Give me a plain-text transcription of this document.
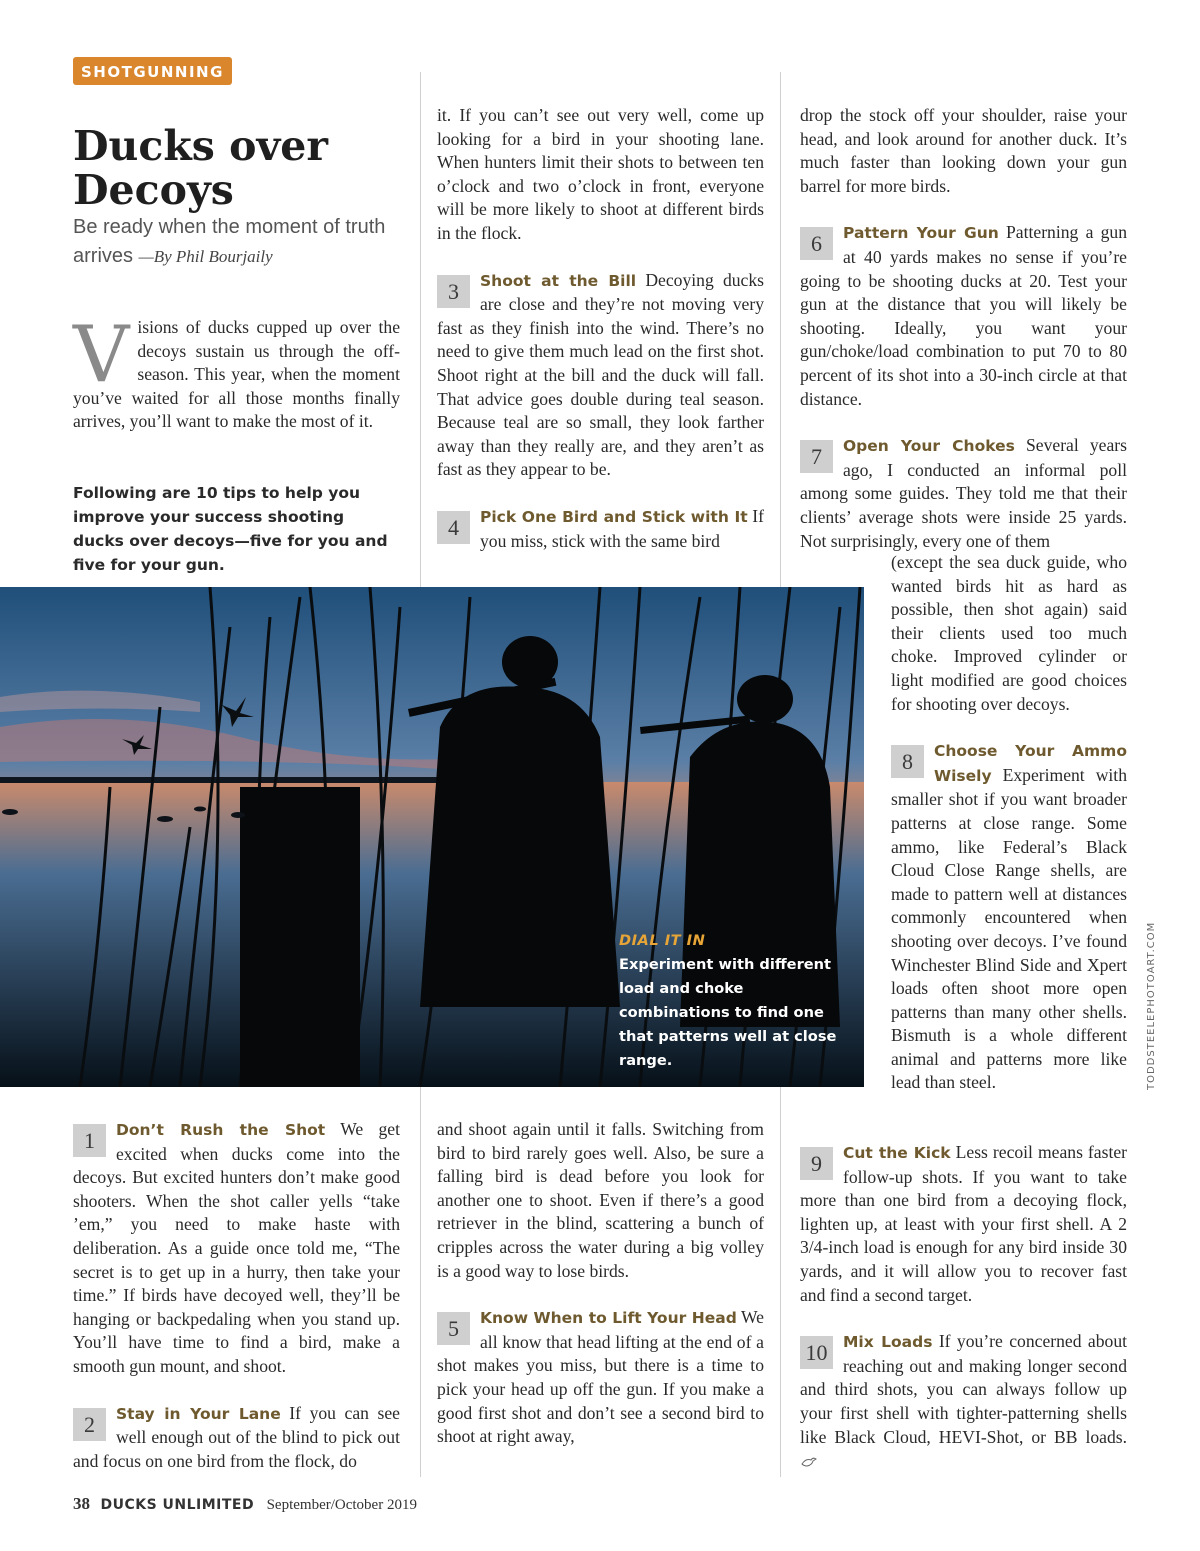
SHOTGUNNING
Ducks over Decoys
Be ready when the moment of truth arrives —By Phil Bourjaily
V isions of ducks cupped up over the decoys sustain us through the off-season. This year, when the moment you’ve waited for all those months finally arrives, you’ll want to make the most of it.
Following are 10 tips to help you improve your success shooting ducks over decoys—five for you and five for your gun.

it. If you can’t see out very well, come up looking for a bird in your shooting lane. When hunters limit their shots to between ten o’clock and two o’clock in front, everyone will be more likely to shoot at different birds in the flock.

3	Shoot at the Bill Decoying ducks are close and they’re not moving very fast as they finish into the wind. There’s no need to give them much lead on the first shot. Shoot right at the bill and the duck will fall. That advice goes double during teal season. Because teal are so small, they look farther away than they really are, and they aren’t as fast as they appear to be.

4	Pick One Bird and Stick with It If you miss, stick with the same bird

drop the stock off your shoulder, raise your head, and look around for another duck. It’s much faster than looking down your gun barrel for more birds.

6	Pattern Your Gun Patterning a gun at 40 yards makes no sense if you’re going to be shooting ducks at 20. Test your gun at the distance that you will likely be shooting. Ideally, you want your gun/choke/load combination to put 70 to 80 percent of its shot into a 30-inch circle at that distance.

7	Open Your Chokes Several years ago, I conducted an informal poll among some guides. They told me that their clients’ average shots were inside 25 yards. Not surprisingly, every one of them

(except the sea duck guide, who wanted birds hit as hard as possible, then shot again) said their clients used too much choke. Improved cylinder or light modified are good choices for shooting over decoys.

8	Choose Your Ammo Wisely Experiment with smaller shot if you want broader patterns at close range. Some ammo, like Federal’s Black Cloud Close Range shells, are made to pattern well at distances commonly encountered when shooting over decoys. I’ve found Winchester Blind Side and Xpert loads often shoot more open patterns than many other shells. Bismuth is a whole different animal and patterns more like lead than steel.

DIAL IT IN
Experiment with different load and choke combinations to find one that patterns well at close range.	TODDSTEELEPHOTOART.COM

1	Don’t Rush the Shot We get excited when ducks come into the decoys. But excited hunters don’t make good shooters. When the shot caller yells “take ’em,” you need to make haste with deliberation. As a guide once told me, “The secret is to get up in a hurry, then take your time.” If birds have decoyed well, they’ll be hanging or backpedaling when you stand up. You’ll have time to find a bird, make a smooth gun mount, and shoot.

2	Stay in Your Lane If you can see well enough out of the blind to pick out and focus on one bird from the flock, do

and shoot again until it falls. Switching from bird to bird rarely goes well. Also, be sure a falling bird is dead before you look for another one to shoot. Even if there’s a good retriever in the blind, scattering a bunch of cripples across the water during a big volley is a good way to lose birds.

5	Know When to Lift Your Head We all know that head lifting at the end of a shot makes you miss, but there is a time to pick your head up off the gun. If you make a good first shot and don’t see a second bird to shoot at right away,

9	Cut the Kick Less recoil means faster follow-up shots. If you want to take more than one bird from a decoying flock, lighten up, at least with your first shell. A 2 3/4-inch load is enough for any bird inside 30 yards, and it will allow you to recover fast and find a second target.

10	Mix Loads If you’re concerned about reaching out and making longer second and third shots, you can always follow up your first shell with tighter-patterning shells like Black Cloud, HEVI-Shot, or BB loads.

38 DUCKS UNLIMITED September/October 2019
